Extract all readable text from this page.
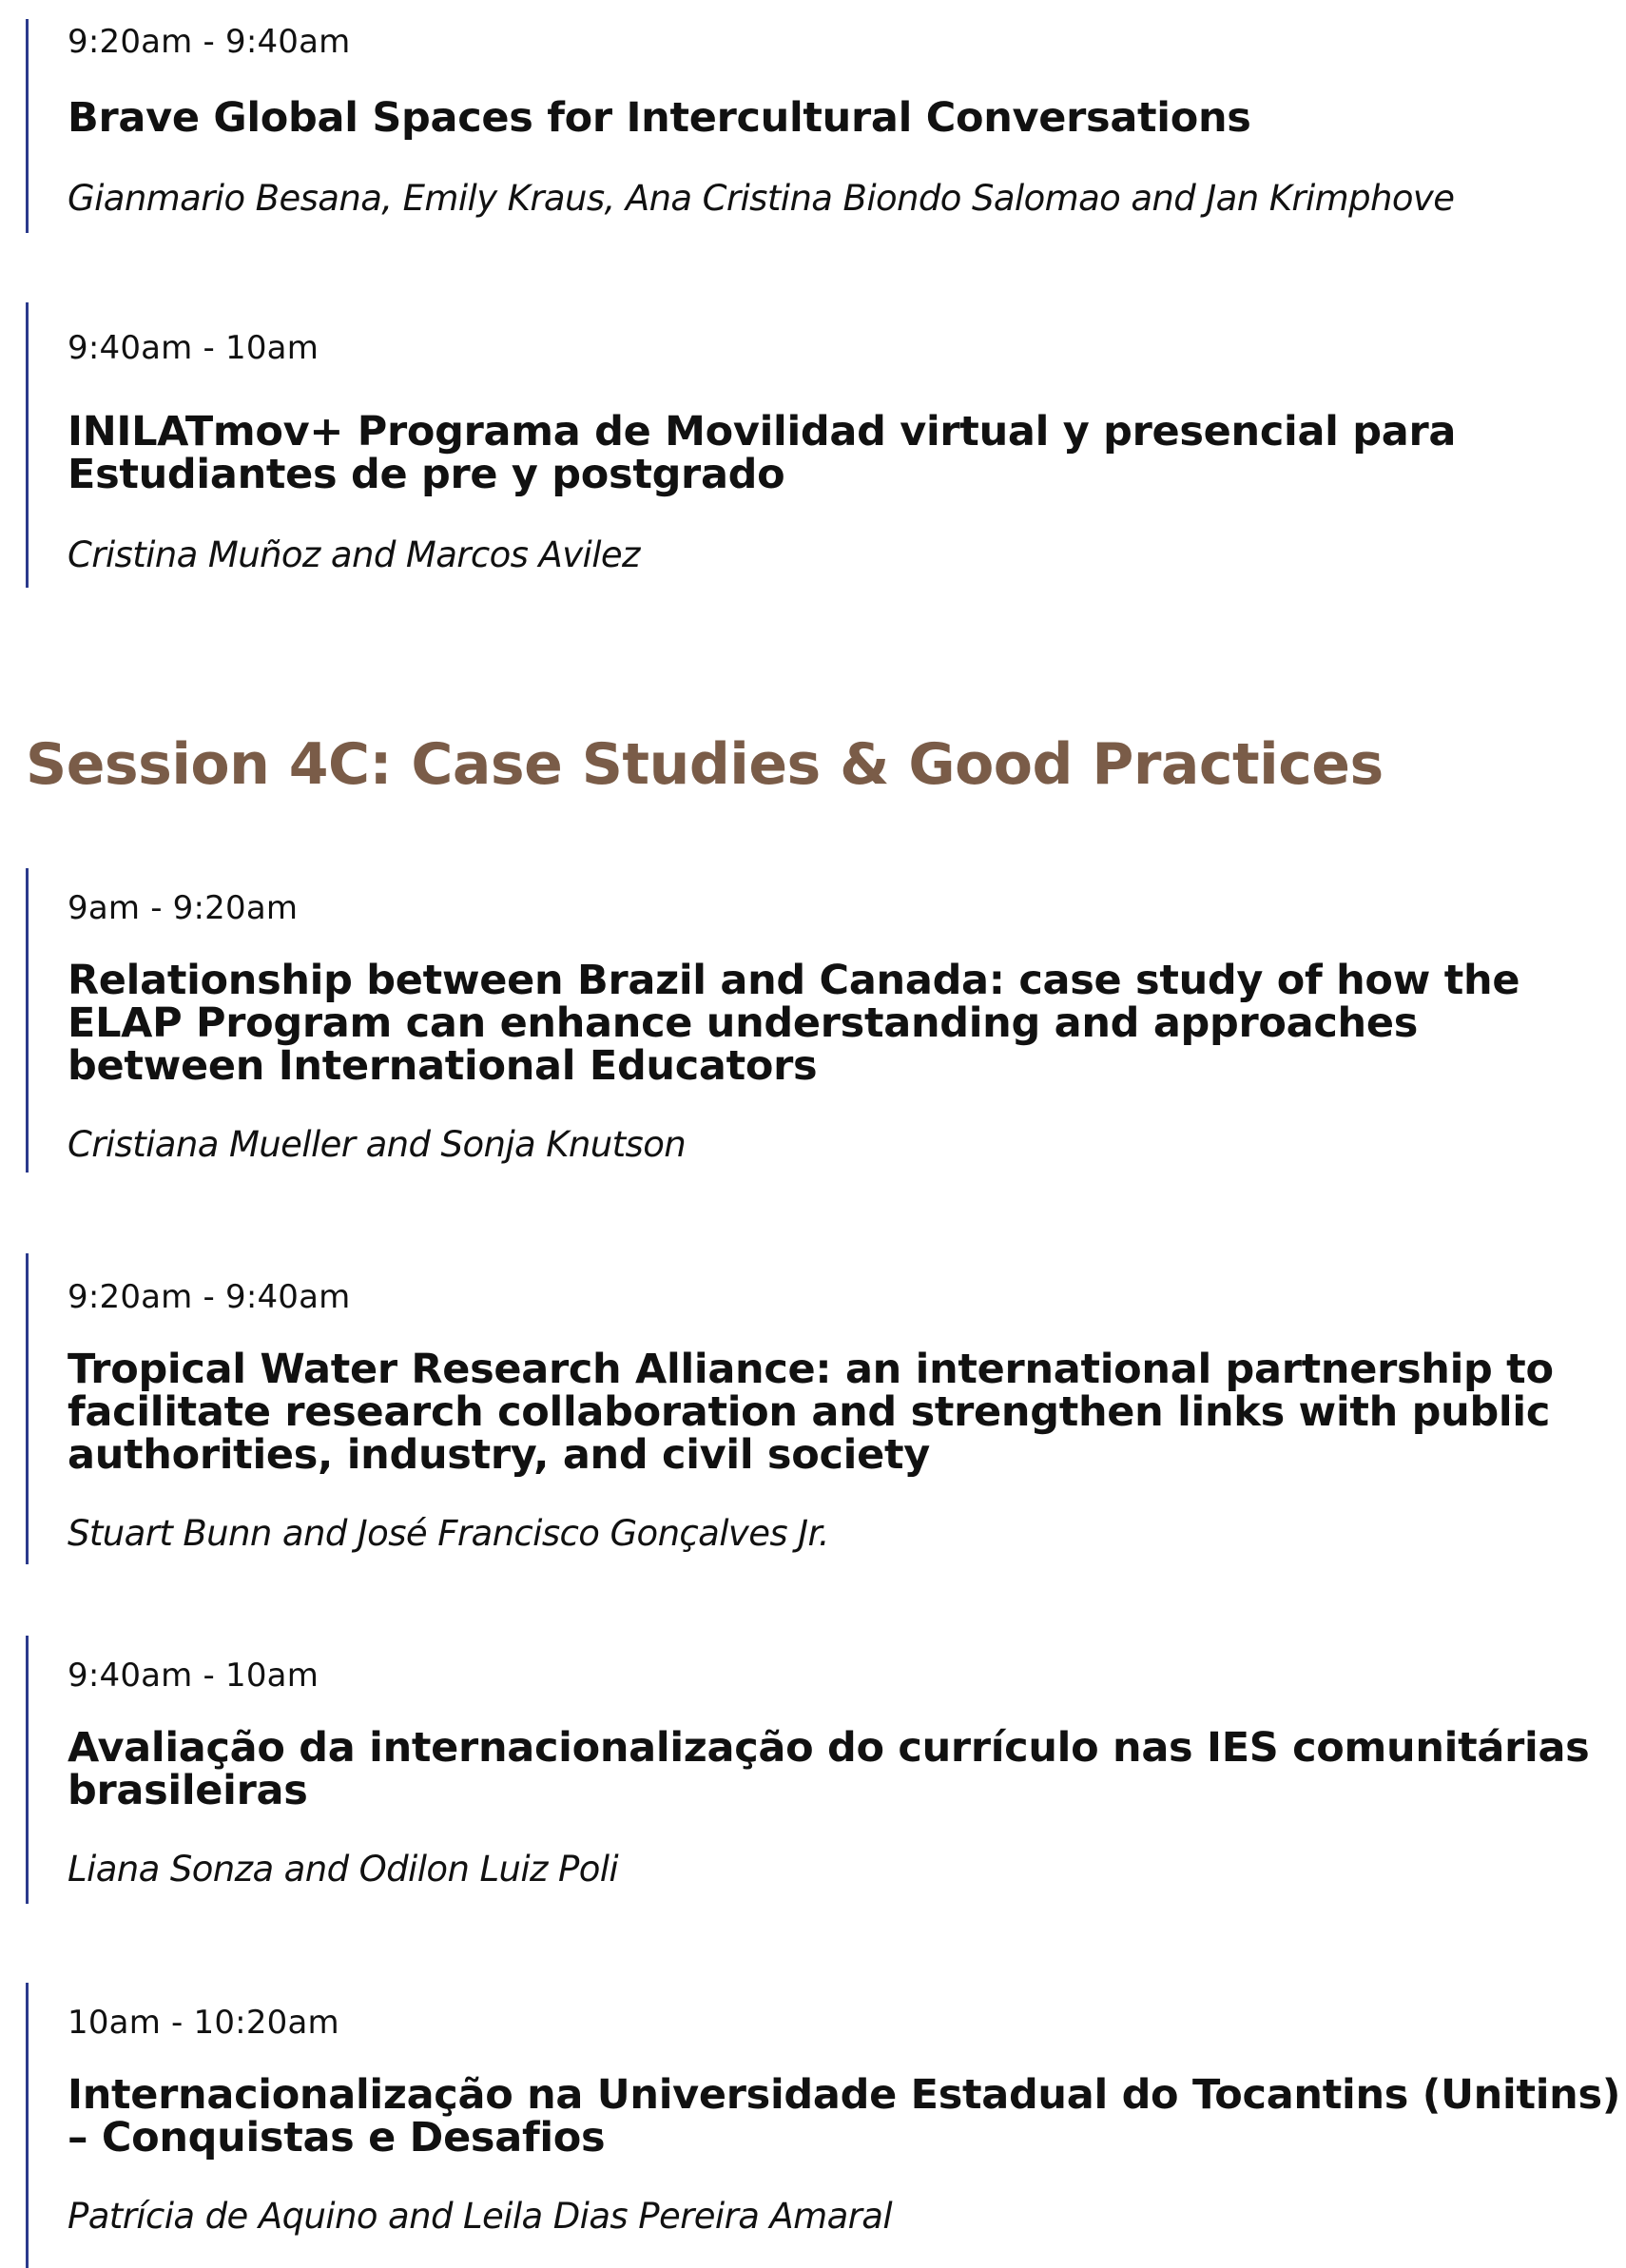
9:20am - 9:40am
Brave Global Spaces for Intercultural Conversations
Gianmario Besana, Emily Kraus, Ana Cristina Biondo Salomao and Jan Krimphove
9:40am - 10am
INILATmov+ Programa de Movilidad virtual y presencial para Estudiantes de pre y postgrado
Cristina Muñoz and Marcos Avilez
Session 4C: Case Studies & Good Practices
9am - 9:20am
Relationship between Brazil and Canada: case study of how the ELAP Program can enhance understanding and approaches between International Educators
Cristiana Mueller and Sonja Knutson
9:20am - 9:40am
Tropical Water Research Alliance: an international partnership to facilitate research collaboration and strengthen links with public authorities, industry, and civil society
Stuart Bunn and José Francisco Gonçalves Jr.
9:40am - 10am
Avaliação da internacionalização do currículo nas IES comunitárias brasileiras
Liana Sonza and Odilon Luiz Poli
10am - 10:20am
Internacionalização na Universidade Estadual do Tocantins (Unitins) – Conquistas e Desafios
Patrícia de Aquino and Leila Dias Pereira Amaral
